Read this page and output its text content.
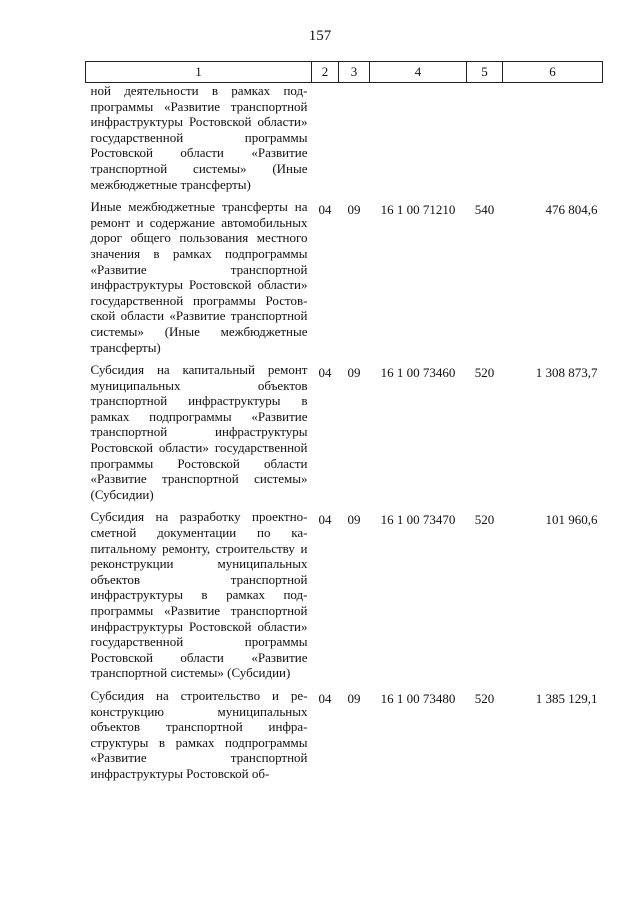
157
1	2	3	4	5	6
ной деятельности в рамках подпрограммы «Развитие транспортной инфраструктуры Ростовской области» государственной программы Ростовской области «Развитие транспортной системы» (Иные межбюджетные трансферты)					
Иные межбюджетные трансферты на ремонт и содержание автомобильных дорог общего пользования местного значения в рамках подпрограммы «Развитие транспортной инфраструктуры Ростовской области» государственной программы Ростовской области «Развитие транспортной системы» (Иные межбюджетные трансферты)	04	09	16 1 00 71210	540	476 804,6
Субсидия на капитальный ремонт муниципальных объектов транспортной инфраструктуры в рамках подпрограммы «Развитие транспортной инфраструктуры Ростовской области» государственной программы Ростовской области «Развитие транспортной системы» (Субсидии)	04	09	16 1 00 73460	520	1 308 873,7
Субсидия на разработку проектно-сметной документации по капитальному ремонту, строительству и реконструкции муниципальных объектов транспортной инфраструктуры в рамках подпрограммы «Развитие транспортной инфраструктуры Ростовской области» государственной программы Ростовской области «Развитие транспортной системы» (Субсидии)	04	09	16 1 00 73470	520	101 960,6
Субсидия на строительство и реконструкцию муниципальных объектов транспортной инфраструктуры в рамках подпрограммы «Развитие транспортной инфраструктуры Ростовской об-	04	09	16 1 00 73480	520	1 385 129,1
